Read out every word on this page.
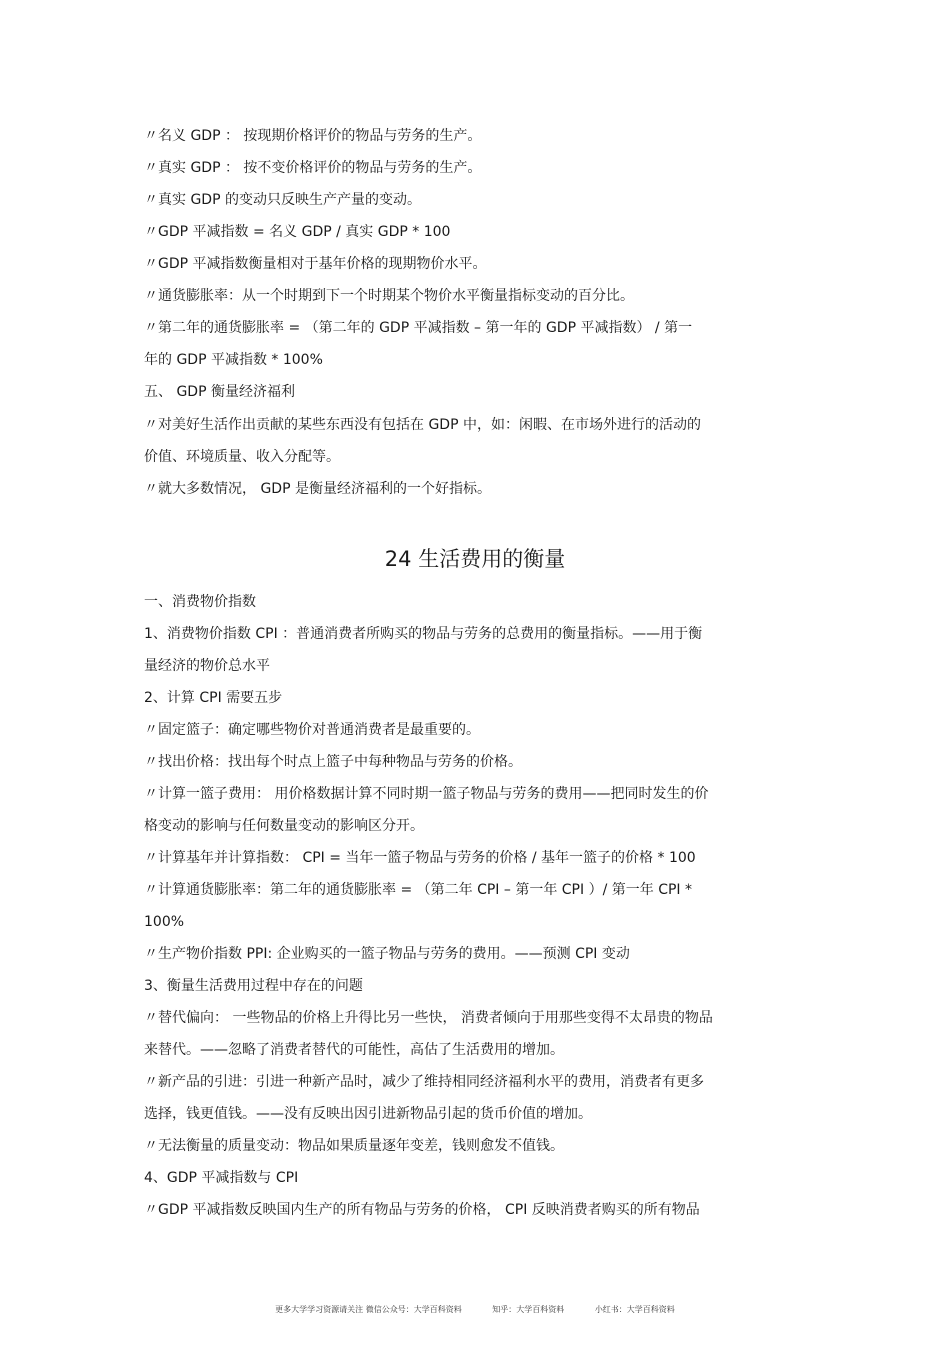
〃名义 GDP ： 按现期价格评价的物品与劳务的生产。
〃真实 GDP ： 按不变价格评价的物品与劳务的生产。
〃真实 GDP 的变动只反映生产产量的变动。
〃GDP 平减指数 = 名义 GDP / 真实 GDP * 100
〃GDP 平减指数衡量相对于基年价格的现期物价水平。
〃通货膨胀率：从一个时期到下一个时期某个物价水平衡量指标变动的百分比。
〃第二年的通货膨胀率 = （第二年的 GDP 平减指数 – 第一年的 GDP 平减指数） / 第一
年的 GDP 平减指数 * 100%
五、 GDP 衡量经济福利
〃对美好生活作出贡献的某些东西没有包括在 GDP 中，如：闲暇、在市场外进行的活动的
价值、环境质量、收入分配等。
〃就大多数情况， GDP 是衡量经济福利的一个好指标。
24 生活费用的衡量
一、消费物价指数
1、消费物价指数 CPI ：普通消费者所购买的物品与劳务的总费用的衡量指标。——用于衡
量经济的物价总水平
2、计算 CPI 需要五步
〃固定篮子：确定哪些物价对普通消费者是最重要的。
〃找出价格：找出每个时点上篮子中每种物品与劳务的价格。
〃计算一篮子费用： 用价格数据计算不同时期一篮子物品与劳务的费用——把同时发生的价
格变动的影响与任何数量变动的影响区分开。
〃计算基年并计算指数： CPI = 当年一篮子物品与劳务的价格 / 基年一篮子的价格 * 100
〃计算通货膨胀率：第二年的通货膨胀率 = （第二年 CPI – 第一年 CPI ）/ 第一年 CPI *
100%
〃生产物价指数 PPI: 企业购买的一篮子物品与劳务的费用。——预测 CPI 变动
3、衡量生活费用过程中存在的问题
〃替代偏向： 一些物品的价格上升得比另一些快， 消费者倾向于用那些变得不太昂贵的物品
来替代。——忽略了消费者替代的可能性，高估了生活费用的增加。
〃新产品的引进：引进一种新产品时，减少了维持相同经济福利水平的费用，消费者有更多
选择，钱更值钱。——没有反映出因引进新物品引起的货币价值的增加。
〃无法衡量的质量变动：物品如果质量逐年变差，钱则愈发不值钱。
4、GDP 平减指数与 CPI
〃GDP 平减指数反映国内生产的所有物品与劳务的价格， CPI 反映消费者购买的所有物品
更多大学学习资源请关注 微信公众号：大学百科资料	知乎：大学百科资料	小红书：大学百科资料
